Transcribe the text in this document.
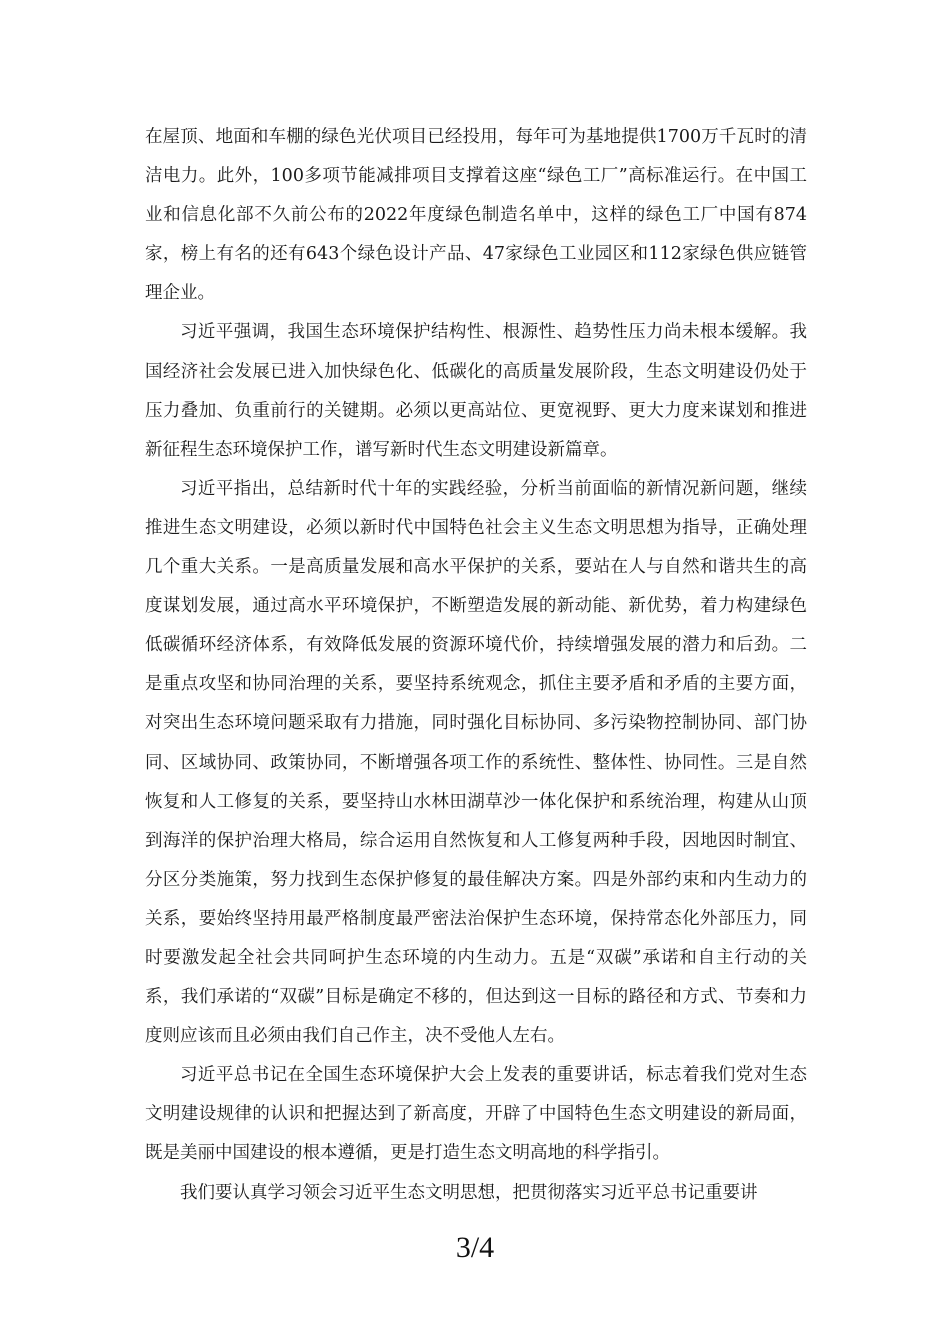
在屋顶、地面和车棚的绿色光伏项目已经投用，每年可为基地提供1700万千瓦时的清洁电力。此外，100多项节能减排项目支撑着这座“绿色工厂”高标准运行。在中国工业和信息化部不久前公布的2022年度绿色制造名单中，这样的绿色工厂中国有874家，榜上有名的还有643个绿色设计产品、47家绿色工业园区和112家绿色供应链管理企业。

习近平强调，我国生态环境保护结构性、根源性、趋势性压力尚未根本缓解。我国经济社会发展已进入加快绿色化、低碳化的高质量发展阶段，生态文明建设仍处于压力叠加、负重前行的关键期。必须以更高站位、更宽视野、更大力度来谋划和推进新征程生态环境保护工作，谱写新时代生态文明建设新篇章。

习近平指出，总结新时代十年的实践经验，分析当前面临的新情况新问题，继续推进生态文明建设，必须以新时代中国特色社会主义生态文明思想为指导，正确处理几个重大关系。一是高质量发展和高水平保护的关系，要站在人与自然和谐共生的高度谋划发展，通过高水平环境保护，不断塑造发展的新动能、新优势，着力构建绿色低碳循环经济体系，有效降低发展的资源环境代价，持续增强发展的潜力和后劲。二是重点攻坚和协同治理的关系，要坚持系统观念，抓住主要矛盾和矛盾的主要方面，对突出生态环境问题采取有力措施，同时强化目标协同、多污染物控制协同、部门协同、区域协同、政策协同，不断增强各项工作的系统性、整体性、协同性。三是自然恢复和人工修复的关系，要坚持山水林田湖草沙一体化保护和系统治理，构建从山顶到海洋的保护治理大格局，综合运用自然恢复和人工修复两种手段，因地因时制宜、分区分类施策，努力找到生态保护修复的最佳解决方案。四是外部约束和内生动力的关系，要始终坚持用最严格制度最严密法治保护生态环境，保持常态化外部压力，同时要激发起全社会共同呵护生态环境的内生动力。五是“双碳”承诺和自主行动的关系，我们承诺的“双碳”目标是确定不移的，但达到这一目标的路径和方式、节奏和力度则应该而且必须由我们自己作主，决不受他人左右。

习近平总书记在全国生态环境保护大会上发表的重要讲话，标志着我们党对生态文明建设规律的认识和把握达到了新高度，开辟了中国特色生态文明建设的新局面，既是美丽中国建设的根本遵循，更是打造生态文明高地的科学指引。

我们要认真学习领会习近平生态文明思想，把贯彻落实习近平总书记重要讲

3/4
